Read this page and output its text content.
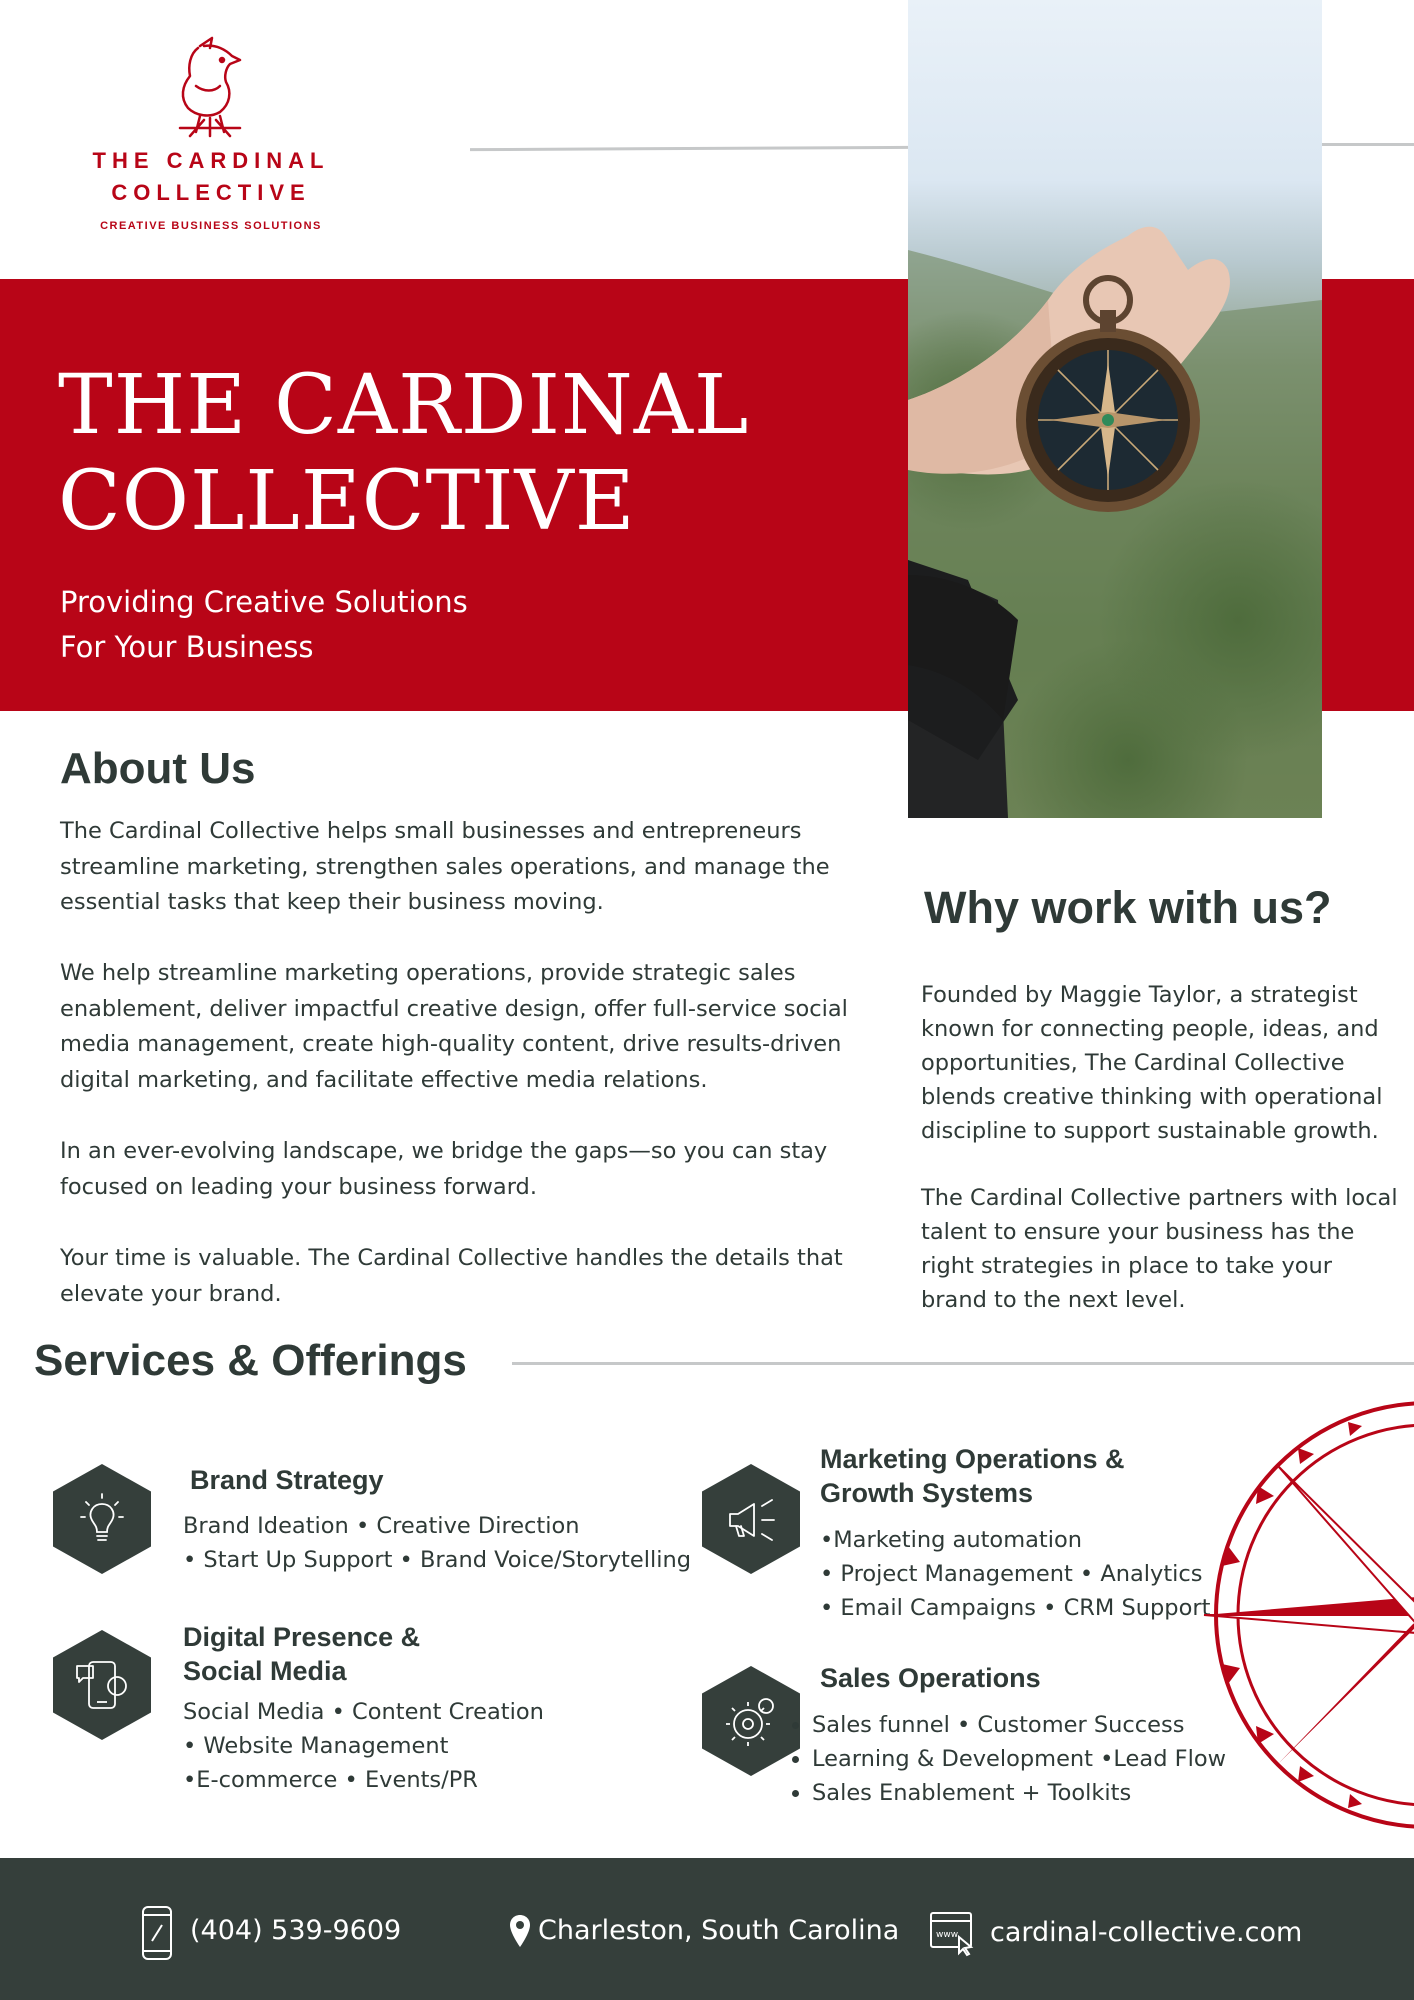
THE CARDINAL
COLLECTIVE
CREATIVE BUSINESS SOLUTIONS
THE CARDINAL
COLLECTIVE
Providing Creative Solutions
For Your Business
About Us
The Cardinal Collective helps small businesses and entrepreneurs streamline marketing, strengthen sales operations, and manage the essential tasks that keep their business moving.
We help streamline marketing operations, provide strategic sales enablement, deliver impactful creative design, offer full-service social media management, create high-quality content, drive results-driven digital marketing, and facilitate effective media relations.
In an ever-evolving landscape, we bridge the gaps—so you can stay focused on leading your business forward.
Your time is valuable. The Cardinal Collective handles the details that elevate your brand.
Why work with us?
Founded by Maggie Taylor, a strategist known for connecting people, ideas, and opportunities, The Cardinal Collective blends creative thinking with operational discipline to support sustainable growth.
The Cardinal Collective partners with local talent to ensure your business has the right strategies in place to take your brand to the next level.
Services & Offerings
Brand Strategy
Brand Ideation • Creative Direction
• Start Up Support • Brand Voice/Storytelling
Digital Presence &
Social Media
Social Media • Content Creation
• Website Management
•E-commerce • Events/PR
Marketing Operations &
Growth Systems
•Marketing automation
• Project Management • Analytics
• Email Campaigns • CRM Support
Sales Operations
• Sales funnel • Customer Success
• Learning & Development •Lead Flow
• Sales Enablement + Toolkits
(404) 539-9609	Charleston, South Carolina	www cardinal-collective.com
